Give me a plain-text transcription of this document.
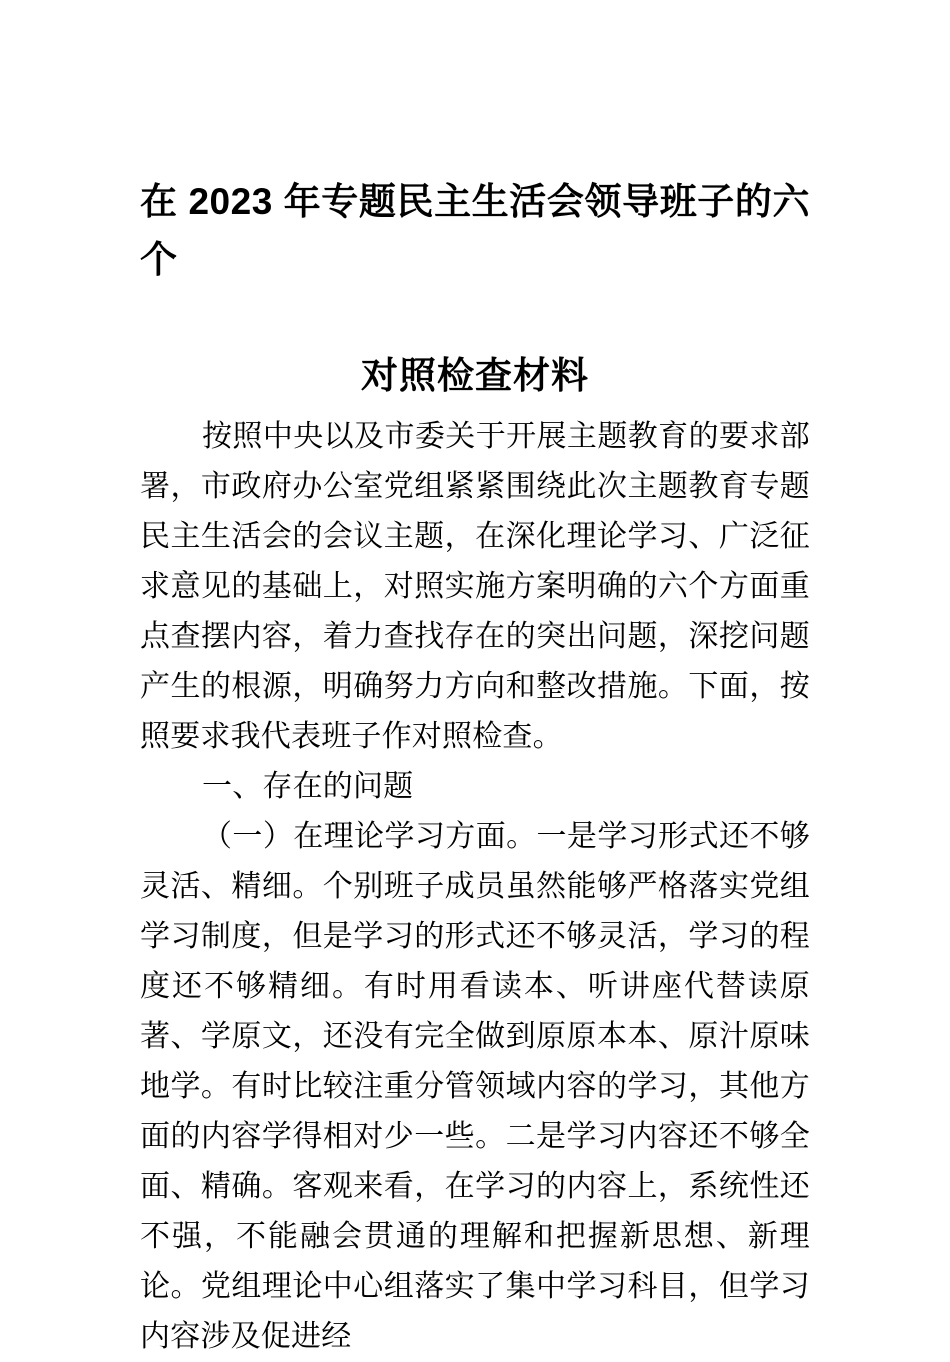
在 2023 年专题民主生活会领导班子的六个
对照检查材料

按照中央以及市委关于开展主题教育的要求部署，市政府办公室党组紧紧围绕此次主题教育专题民主生活会的会议主题，在深化理论学习、广泛征求意见的基础上，对照实施方案明确的六个方面重点查摆内容，着力查找存在的突出问题，深挖问题产生的根源，明确努力方向和整改措施。下面，按照要求我代表班子作对照检查。

一、存在的问题

（一）在理论学习方面。一是学习形式还不够灵活、精细。个别班子成员虽然能够严格落实党组学习制度，但是学习的形式还不够灵活，学习的程度还不够精细。有时用看读本、听讲座代替读原著、学原文，还没有完全做到原原本本、原汁原味地学。有时比较注重分管领域内容的学习，其他方面的内容学得相对少一些。二是学习内容还不够全面、精确。客观来看，在学习的内容上，系统性还不强，不能融会贯通的理解和把握新思想、新理论。党组理论中心组落实了集中学习科目，但学习内容涉及促进经
